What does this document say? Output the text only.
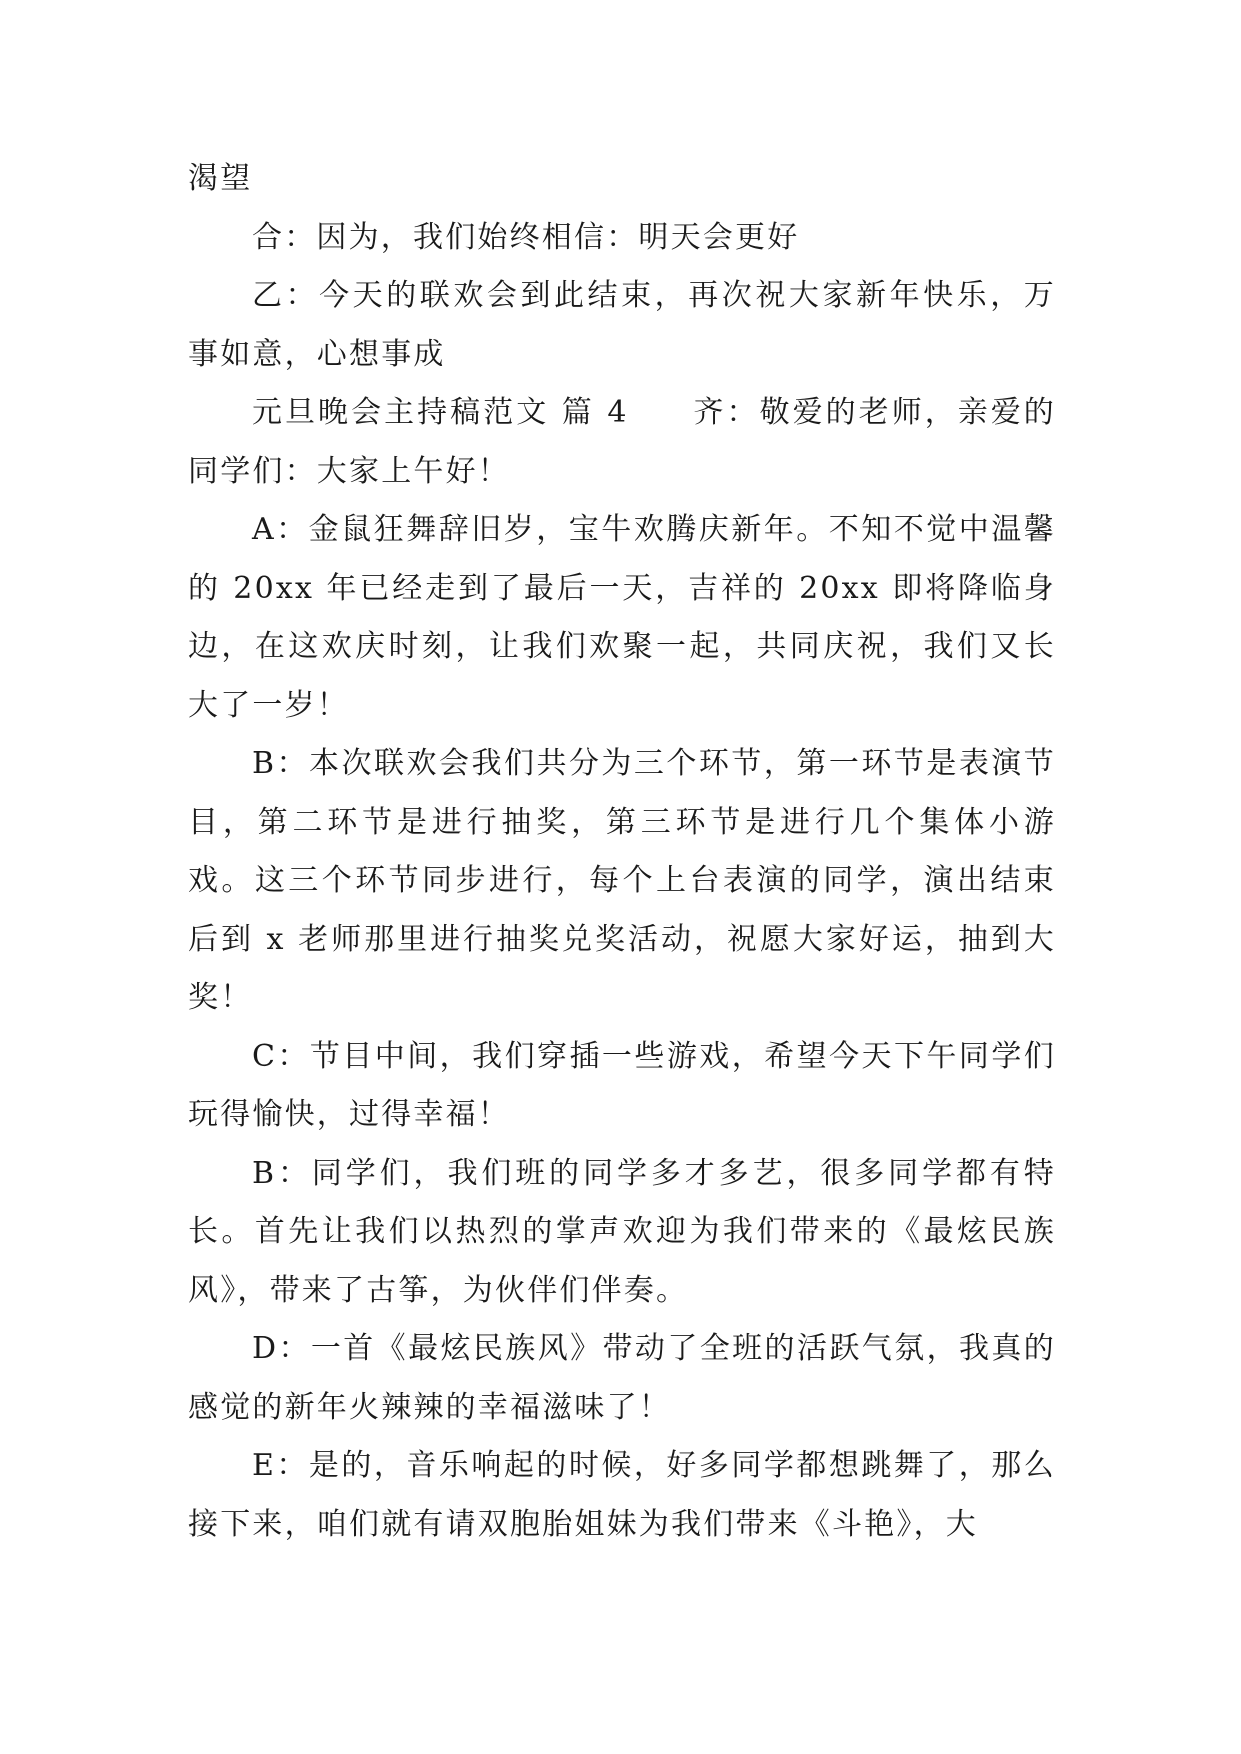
渴望

合：因为，我们始终相信：明天会更好

乙：今天的联欢会到此结束，再次祝大家新年快乐，万事如意，心想事成

元旦晚会主持稿范文 篇 4 齐：敬爱的老师，亲爱的同学们：大家上午好！

A：金鼠狂舞辞旧岁，宝牛欢腾庆新年。不知不觉中温馨的 20xx 年已经走到了最后一天，吉祥的 20xx 即将降临身边，在这欢庆时刻，让我们欢聚一起，共同庆祝，我们又长大了一岁！

B：本次联欢会我们共分为三个环节，第一环节是表演节目，第二环节是进行抽奖，第三环节是进行几个集体小游戏。这三个环节同步进行，每个上台表演的同学，演出结束后到 x 老师那里进行抽奖兑奖活动，祝愿大家好运，抽到大奖！

C：节目中间，我们穿插一些游戏，希望今天下午同学们玩得愉快，过得幸福！

B：同学们，我们班的同学多才多艺，很多同学都有特长。首先让我们以热烈的掌声欢迎为我们带来的《最炫民族风》，带来了古筝，为伙伴们伴奏。

D：一首《最炫民族风》带动了全班的活跃气氛，我真的感觉的新年火辣辣的幸福滋味了！

E：是的，音乐响起的时候，好多同学都想跳舞了，那么接下来，咱们就有请双胞胎姐妹为我们带来《斗艳》，大
